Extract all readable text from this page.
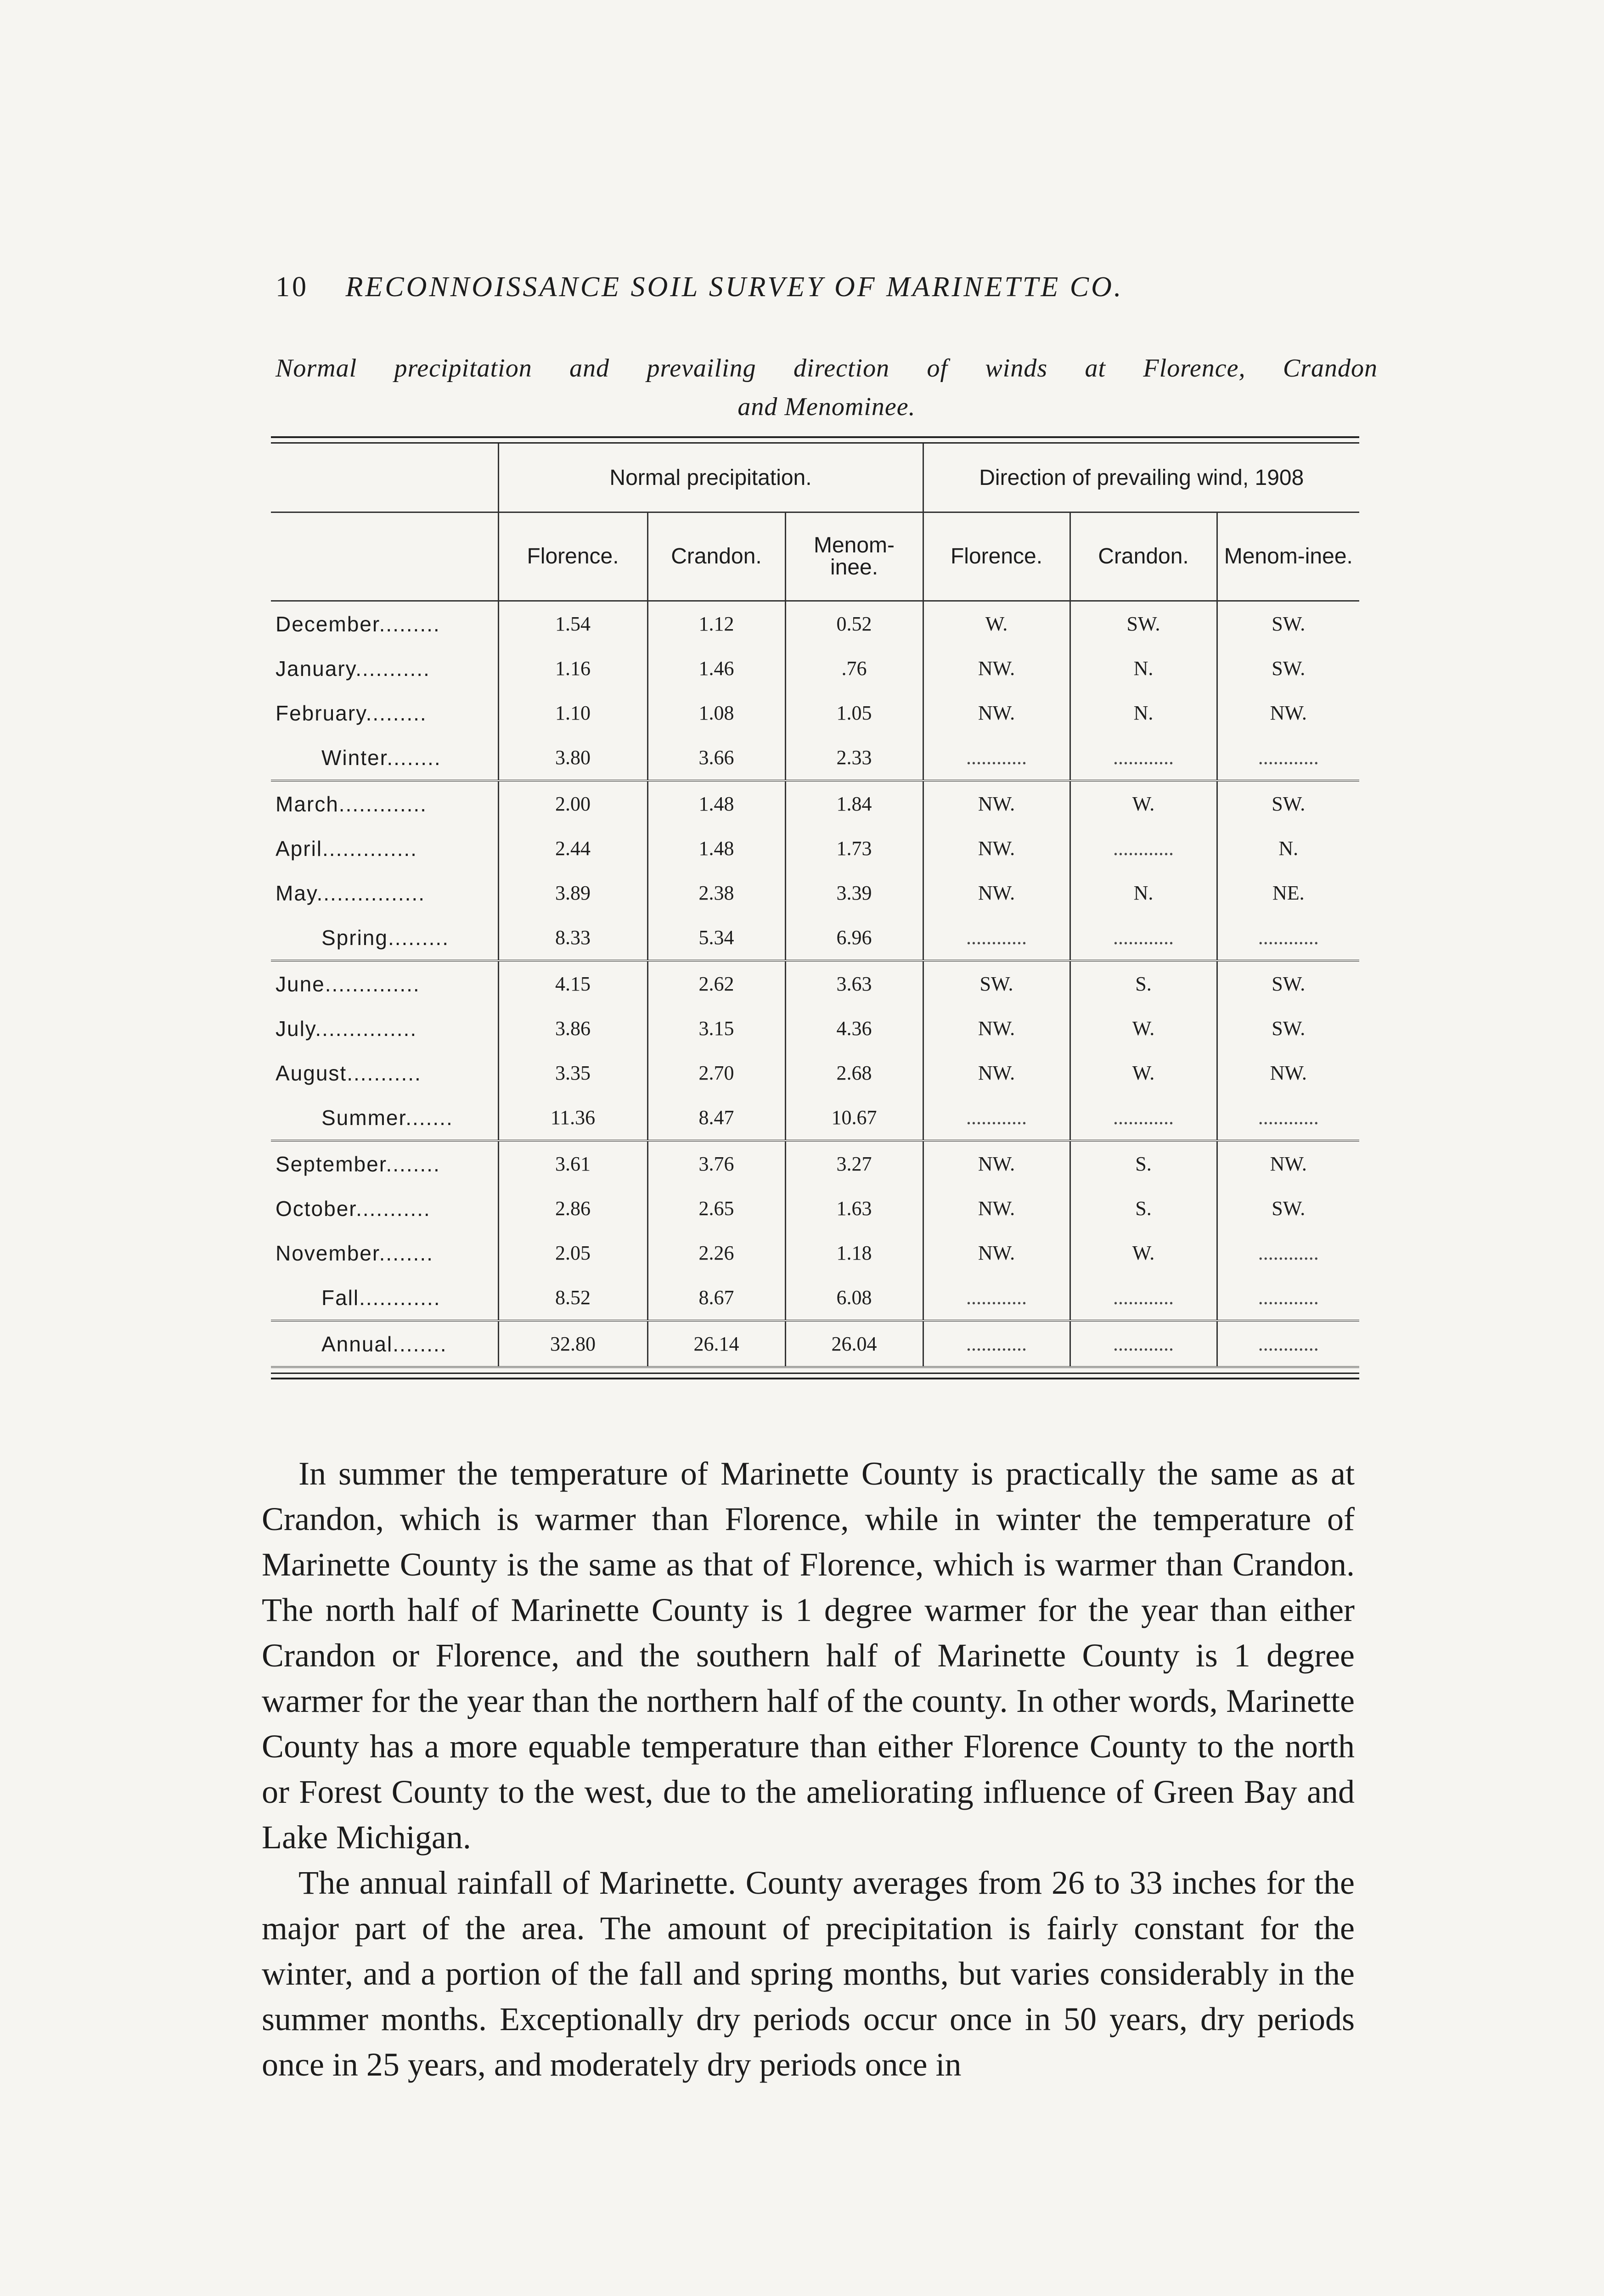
10 RECONNOISSANCE SOIL SURVEY OF MARINETTE CO.
Normal precipitation and prevailing direction of winds at Florence, Crandon
and Menominee.
	Normal precipitation.			Direction of prevailing wind, 1908		
	Florence.	Crandon.	Menom-inee.	Florence.	Crandon.	Menom-inee.
December.........	1.54	1.12	0.52	W.	SW.	SW.
January...........	1.16	1.46	.76	NW.	N.	SW.
February.........	1.10	1.08	1.05	NW.	N.	NW.
Winter........	3.80	3.66	2.33	............	............	............
March.............	2.00	1.48	1.84	NW.	W.	SW.
April..............	2.44	1.48	1.73	NW.	............	N.
May................	3.89	2.38	3.39	NW.	N.	NE.
Spring.........	8.33	5.34	6.96	............	............	............
June..............	4.15	2.62	3.63	SW.	S.	SW.
July...............	3.86	3.15	4.36	NW.	W.	SW.
August...........	3.35	2.70	2.68	NW.	W.	NW.
Summer.......	11.36	8.47	10.67	............	............	............
September........	3.61	3.76	3.27	NW.	S.	NW.
October...........	2.86	2.65	1.63	NW.	S.	SW.
November........	2.05	2.26	1.18	NW.	W.	............
Fall............	8.52	8.67	6.08	............	............	............
Annual........	32.80	26.14	26.04	............	............	............

In summer the temperature of Marinette County is practically the same as at Crandon, which is warmer than Florence, while in winter the temperature of Marinette County is the same as that of Florence, which is warmer than Crandon. The north half of Marinette County is 1 degree warmer for the year than either Crandon or Florence, and the southern half of Marinette County is 1 degree warmer for the year than the northern half of the county. In other words, Marinette County has a more equable temperature than either Florence County to the north or Forest County to the west, due to the ameliorating influence of Green Bay and Lake Michigan.

The annual rainfall of Marinette. County averages from 26 to 33 inches for the major part of the area. The amount of precipitation is fairly constant for the winter, and a portion of the fall and spring months, but varies considerably in the summer months. Exceptionally dry periods occur once in 50 years, dry periods once in 25 years, and moderately dry periods once in
